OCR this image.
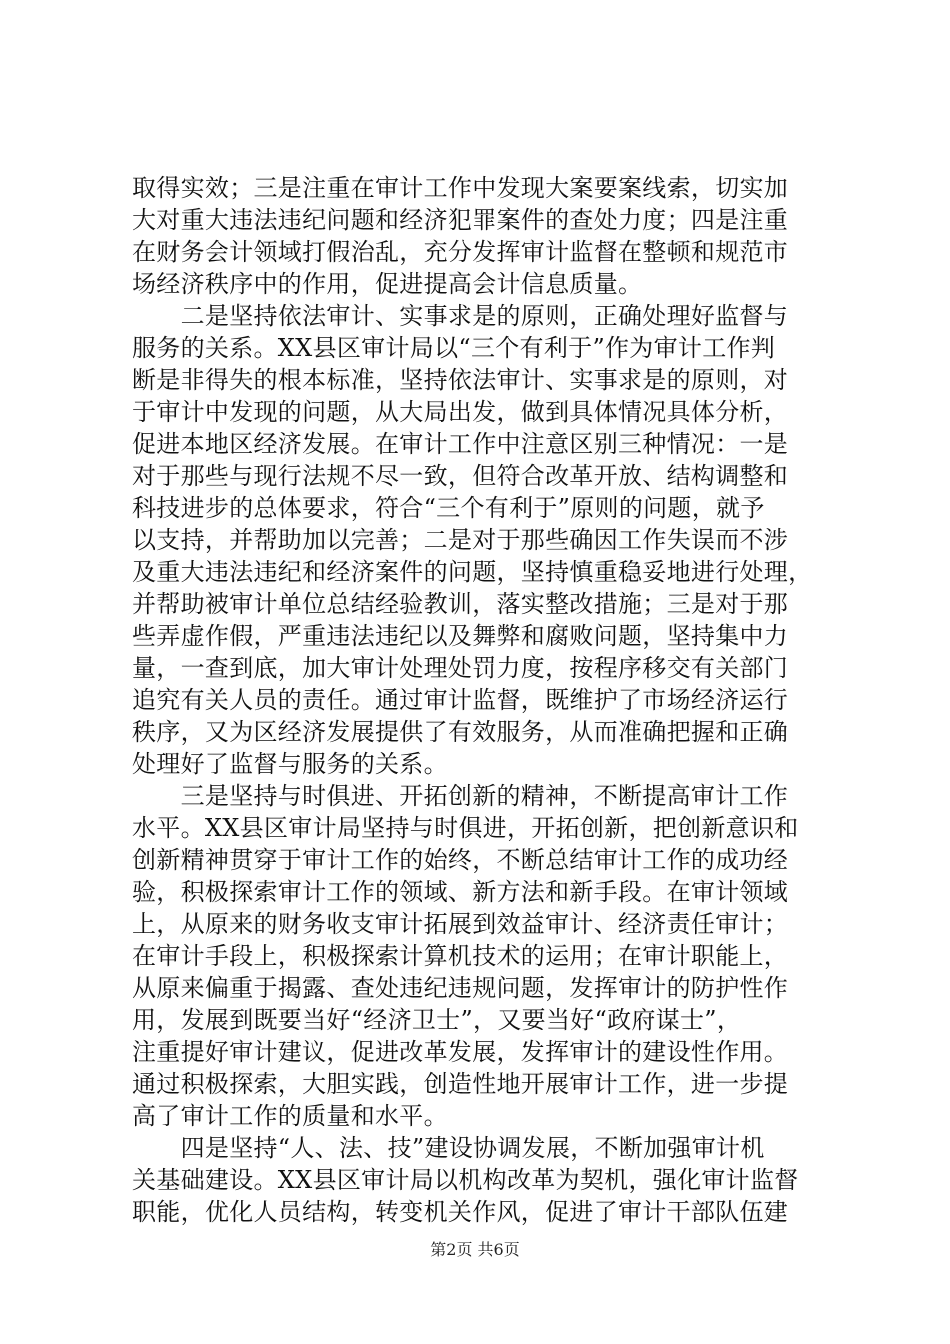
取得实效；三是注重在审计工作中发现大案要案线索，切实加
大对重大违法违纪问题和经济犯罪案件的查处力度；四是注重
在财务会计领域打假治乱，充分发挥审计监督在整顿和规范市
场经济秩序中的作用，促进提高会计信息质量。
　　二是坚持依法审计、实事求是的原则，正确处理好监督与
服务的关系。XX县区审计局以“三个有利于”作为审计工作判
断是非得失的根本标准，坚持依法审计、实事求是的原则，对
于审计中发现的问题，从大局出发，做到具体情况具体分析，
促进本地区经济发展。在审计工作中注意区别三种情况：一是
对于那些与现行法规不尽一致，但符合改革开放、结构调整和
科技进步的总体要求，符合“三个有利于”原则的问题，就予
以支持，并帮助加以完善；二是对于那些确因工作失误而不涉
及重大违法违纪和经济案件的问题，坚持慎重稳妥地进行处理，
并帮助被审计单位总结经验教训，落实整改措施；三是对于那
些弄虚作假，严重违法违纪以及舞弊和腐败问题，坚持集中力
量，一查到底，加大审计处理处罚力度，按程序移交有关部门
追究有关人员的责任。通过审计监督，既维护了市场经济运行
秩序，又为区经济发展提供了有效服务，从而准确把握和正确
处理好了监督与服务的关系。
　　三是坚持与时俱进、开拓创新的精神，不断提高审计工作
水平。XX县区审计局坚持与时俱进，开拓创新，把创新意识和
创新精神贯穿于审计工作的始终，不断总结审计工作的成功经
验，积极探索审计工作的领域、新方法和新手段。在审计领域
上，从原来的财务收支审计拓展到效益审计、经济责任审计；
在审计手段上，积极探索计算机技术的运用；在审计职能上，
从原来偏重于揭露、查处违纪违规问题，发挥审计的防护性作
用，发展到既要当好“经济卫士”，又要当好“政府谋士”，
注重提好审计建议，促进改革发展，发挥审计的建设性作用。
通过积极探索，大胆实践，创造性地开展审计工作，进一步提
高了审计工作的质量和水平。
　　四是坚持“人、法、技”建设协调发展，不断加强审计机
关基础建设。XX县区审计局以机构改革为契机，强化审计监督
职能，优化人员结构，转变机关作风，促进了审计干部队伍建
第2页 共6页
